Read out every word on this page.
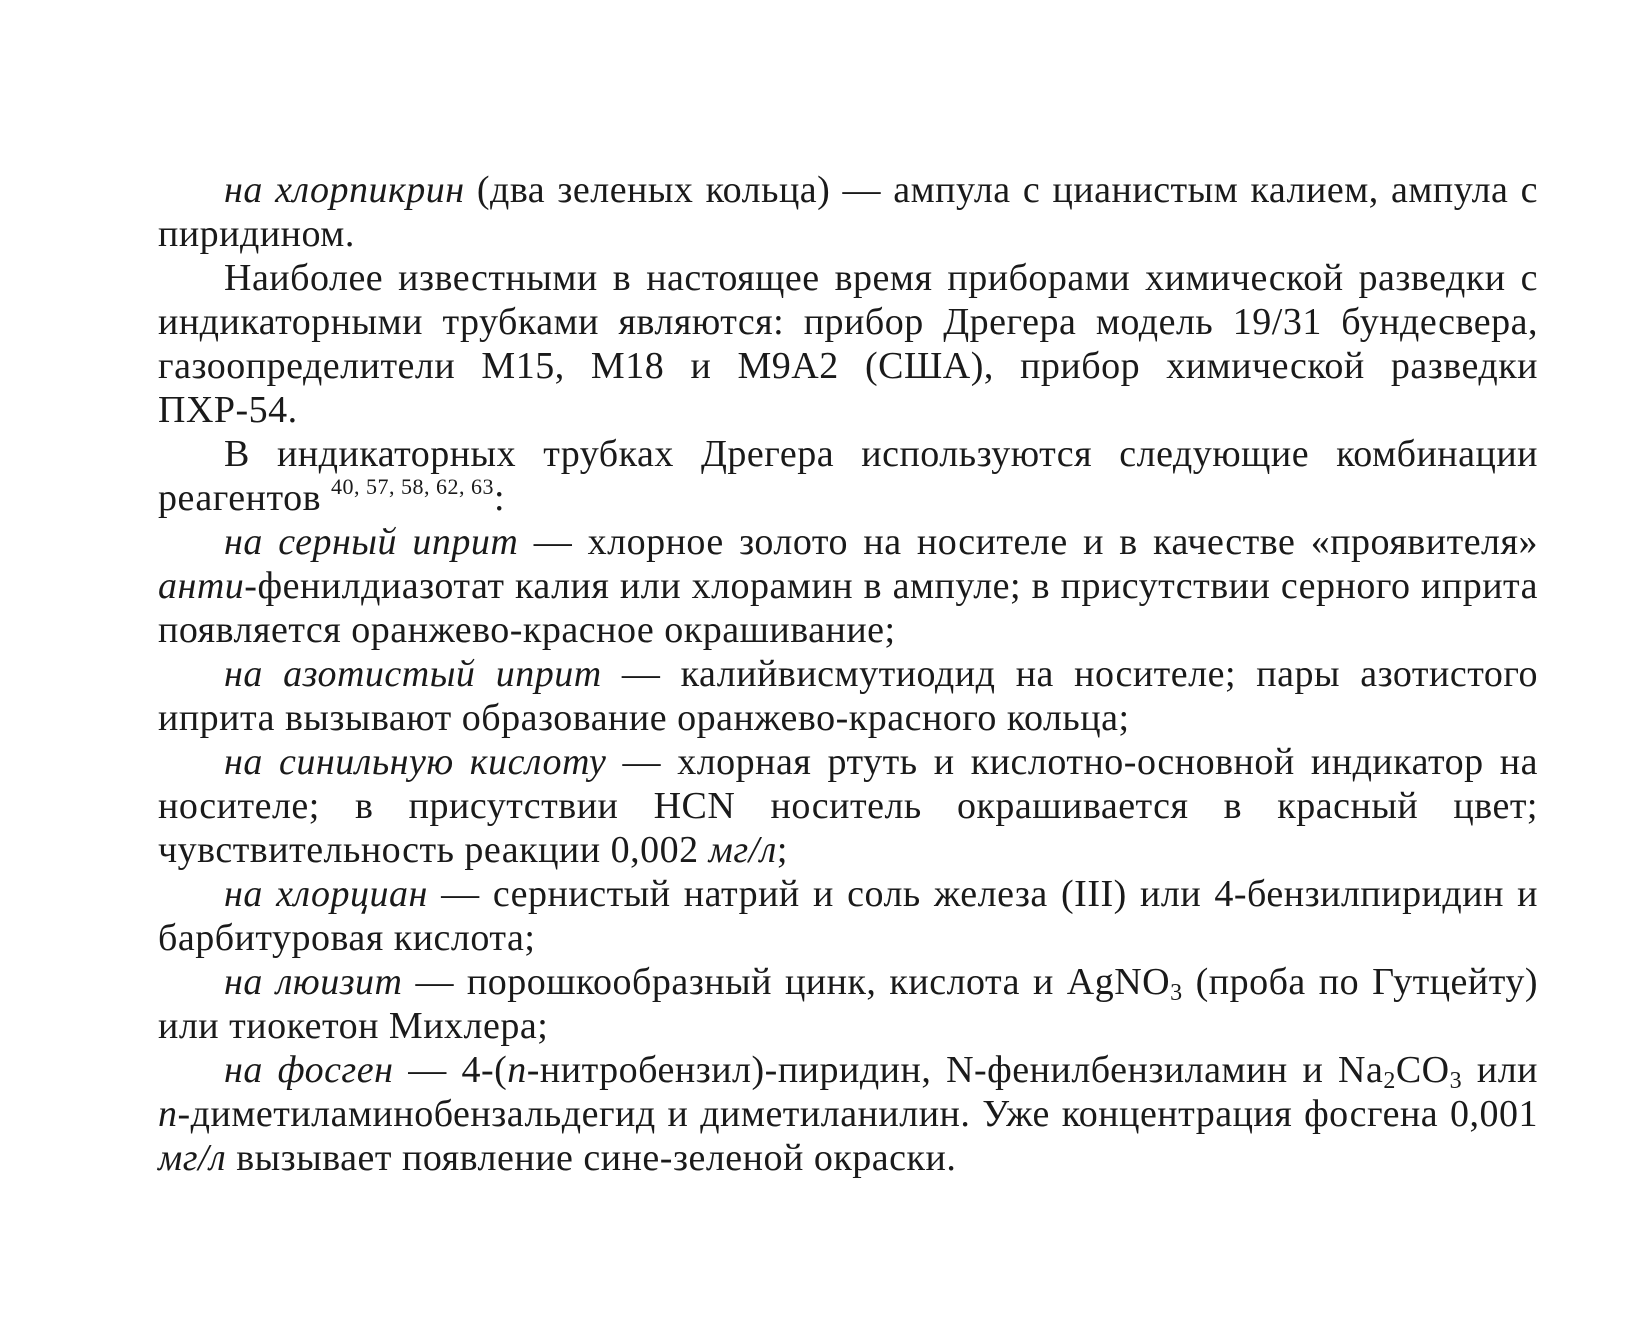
на хлорпикрин (два зеленых кольца) — ампула с цианистым калием, ампула с пиридином.

Наиболее известными в настоящее время приборами химической разведки с индикаторными трубками являются: прибор Дрегера модель 19/31 бундесвера, газоопределители М15, М18 и М9А2 (США), прибор химической разведки ПХР-54.

В индикаторных трубках Дрегера используются следующие комбинации реагентов $^{40, 57, 58, 62, 63}$:

на серный иприт — хлорное золото на носителе и в качестве «проявителя» анти-фенилдиазотат калия или хлорамин в ампуле; в присутствии серного иприта появляется оранжево-красное окрашивание;

на азотистый иприт — калийвисмутиодид на носителе; пары азотистого иприта вызывают образование оранжево-красного кольца;

на синильную кислоту — хлорная ртуть и кислотно-основной индикатор на носителе; в присутствии HCN носитель окрашивается в красный цвет; чувствительность реакции 0,002 мг/л;

на хлорциан — сернистый натрий и соль железа (III) или 4-бензилпиридин и барбитуровая кислота;

на люизит — порошкообразный цинк, кислота и AgNO$_3$ (проба по Гутцейту) или тиокетон Михлера;

на фосген — 4-(n-нитробензил)-пиридин, N-фенилбензиламин и $Na_2CO_3$ или n-диметиламинобензальдегид и диметиланилин. Уже концентрация фосгена 0,001 мг/л вызывает появление сине-зеленой окраски.
